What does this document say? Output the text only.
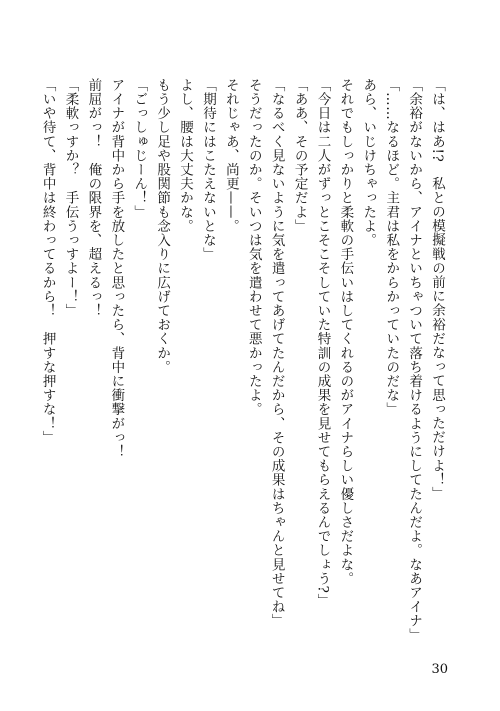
「は、はあ!?　私との模擬戦の前に余裕だなって思っただけよ！」
「余裕がないから、アイナといちゃついて落ち着けるようにしてたんだよ。なあアイナ」
「……なるほど。主君は私をからかっていたのだな」
あら、いじけちゃったよ。
それでもしっかりと柔軟の手伝いはしてくれるのがアイナらしい優しさだよな。
「今日は二人がずっとこそこそしていた特訓の成果を見せてもらえるんでしょう?」
「ああ、その予定だよ」
「なるべく見ないように気を遣ってあげてたんだから、その成果はちゃんと見せてね」
そうだったのか。そいつは気を遣わせて悪かったよ。
それじゃあ、尚更——。
「期待にはこたえないとな」
よし、腰は大丈夫かな。
もう少し足や股関節も念入りに広げておくか。
「ごっしゅじーん！」
アイナが背中から手を放したと思ったら、背中に衝撃がっ！
前屈がっ！　俺の限界を、超えるっ！
「柔軟っすか？　手伝うっすよー！」
「いや待て、背中は終わってるから！　押すな押すな！」
30
